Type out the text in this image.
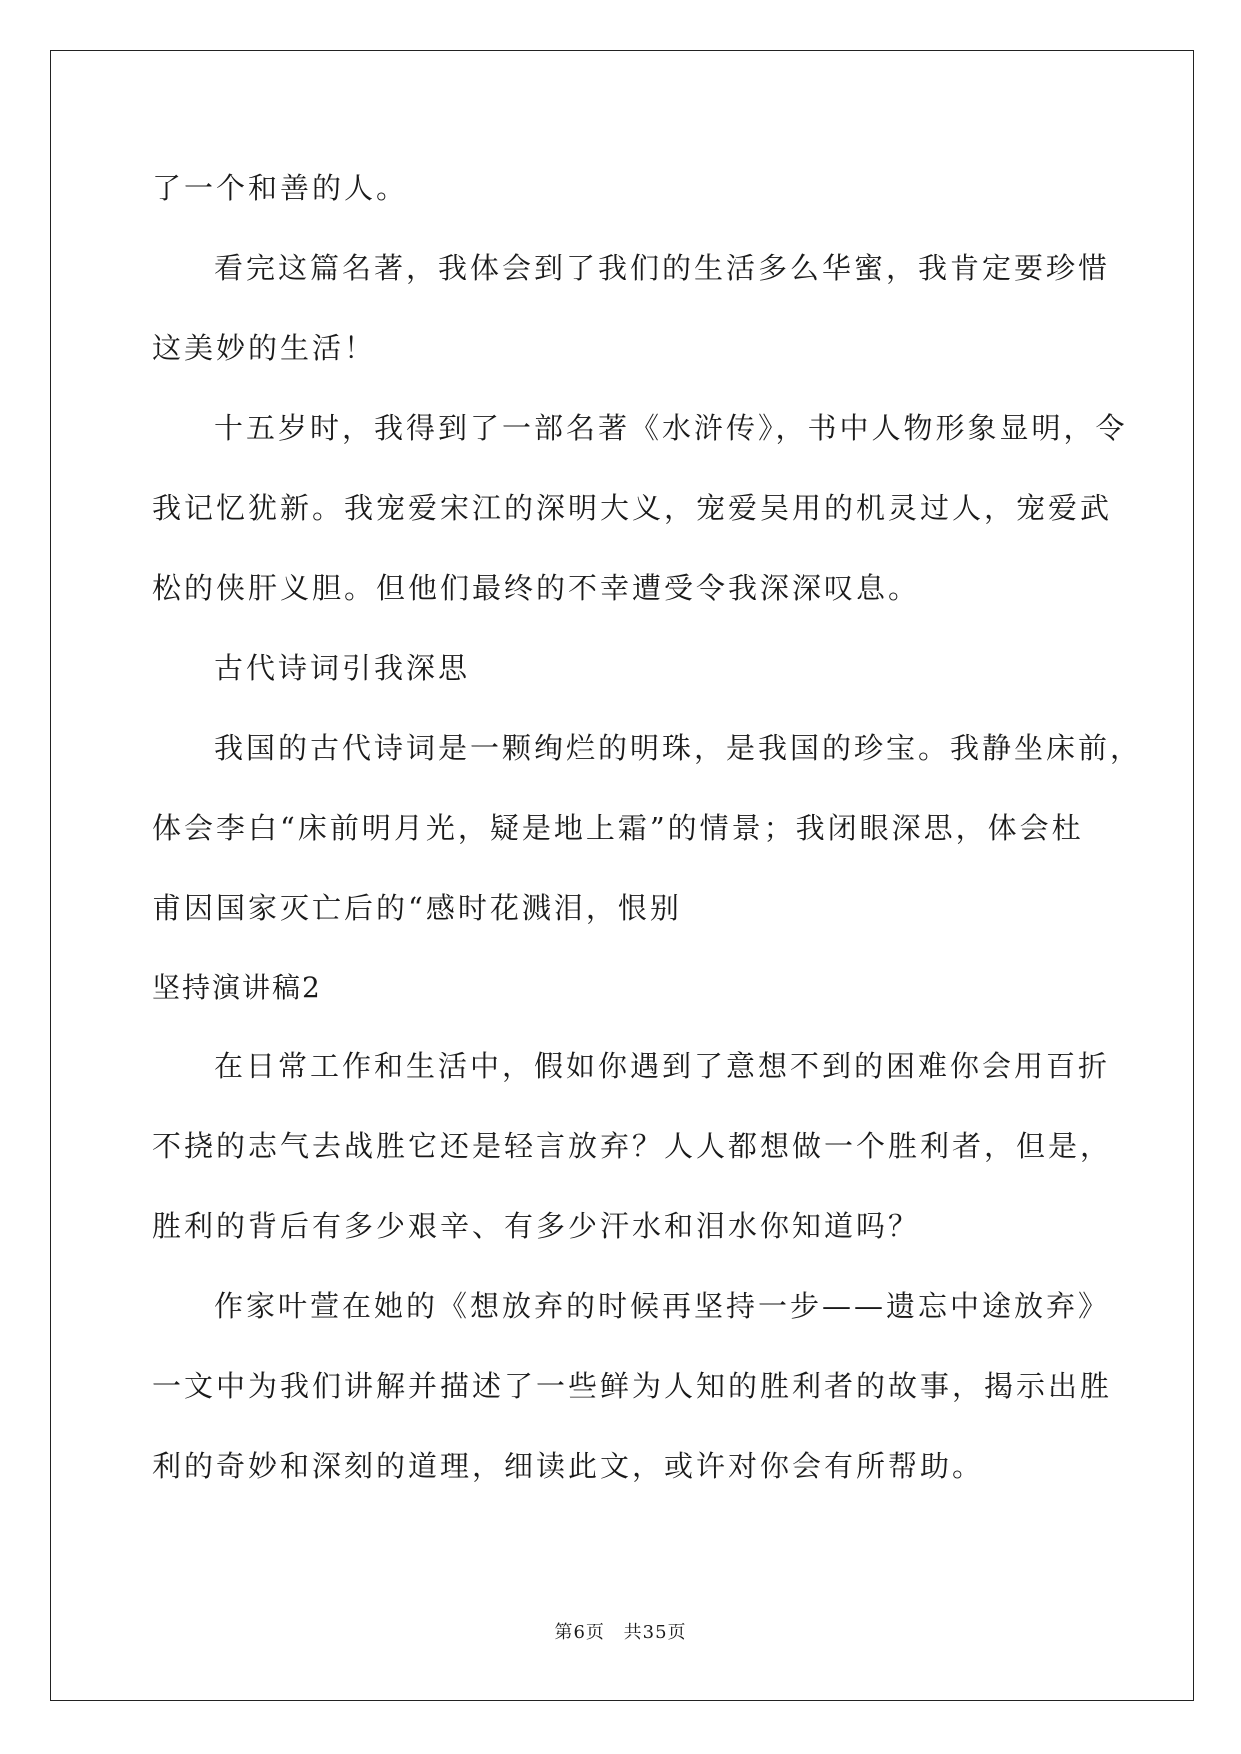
了一个和善的人。
看完这篇名著，我体会到了我们的生活多么华蜜，我肯定要珍惜
这美妙的生活！
十五岁时，我得到了一部名著《水浒传》，书中人物形象显明，令
我记忆犹新。我宠爱宋江的深明大义，宠爱吴用的机灵过人，宠爱武
松的侠肝义胆。但他们最终的不幸遭受令我深深叹息。
古代诗词引我深思
我国的古代诗词是一颗绚烂的明珠，是我国的珍宝。我静坐床前，
体会李白“床前明月光，疑是地上霜”的情景；我闭眼深思，体会杜
甫因国家灭亡后的“感时花溅泪，恨别
坚持演讲稿2
在日常工作和生活中，假如你遇到了意想不到的困难你会用百折
不挠的志气去战胜它还是轻言放弃？人人都想做一个胜利者，但是，
胜利的背后有多少艰辛、有多少汗水和泪水你知道吗？
作家叶萱在她的《想放弃的时候再坚持一步——遗忘中途放弃》
一文中为我们讲解并描述了一些鲜为人知的胜利者的故事，揭示出胜
利的奇妙和深刻的道理，细读此文，或许对你会有所帮助。
第6页 共35页
